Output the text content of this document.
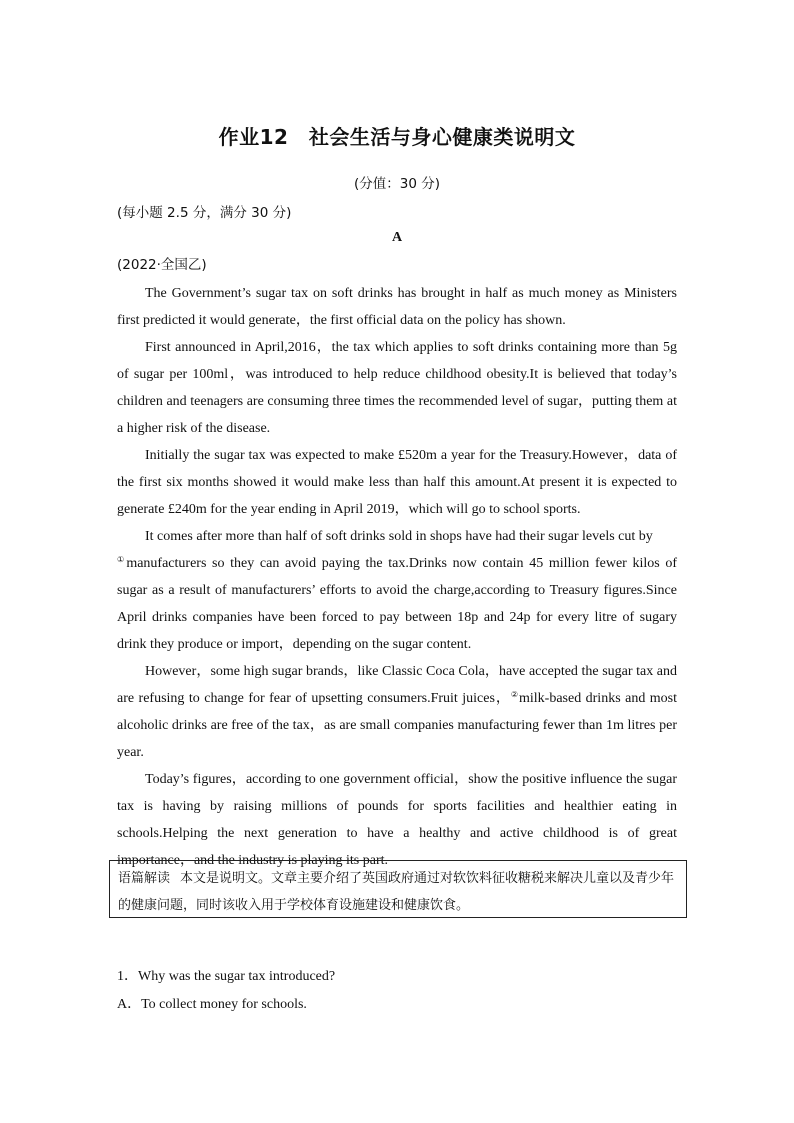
作业12　社会生活与身心健康类说明文
(分值：30 分)
(每小题 2.5 分，满分 30 分)
A
(2022·全国乙)

The Government’s sugar tax on soft drinks has brought in half as much money as Ministers first predicted it would generate，the first official data on the policy has shown.

First announced in April,2016，the tax which applies to soft drinks containing more than 5g of sugar per 100ml，was introduced to help reduce childhood obesity.It is believed that today’s children and teenagers are consuming three times the recommended level of sugar，putting them at a higher risk of the disease.

Initially the sugar tax was expected to make £520m a year for the Treasury.However，data of the first six months showed it would make less than half this amount.At present it is expected to generate £240m for the year ending in April 2019，which will go to school sports.

It comes after more than half of soft drinks sold in shops have had their sugar levels cut by
①manufacturers so they can avoid paying the tax.Drinks now contain 45 million fewer kilos of sugar as a result of manufacturers’ efforts to avoid the charge,according to Treasury figures.Since April drinks companies have been forced to pay between 18p and 24p for every litre of sugary drink they produce or import，depending on the sugar content.

However，some high sugar brands，like Classic Coca Cola，have accepted the sugar tax and are refusing to change for fear of upsetting consumers.Fruit juices，②milk-based drinks and most alcoholic drinks are free of the tax，as are small companies manufacturing fewer than 1m litres per year.

Today’s figures，according to one government official，show the positive influence the sugar tax is having by raising millions of pounds for sports facilities and healthier eating in schools.Helping the next generation to have a healthy and active childhood is of great importance，and the industry is playing its part.

语篇解读 本文是说明文。文章主要介绍了英国政府通过对软饮料征收糖税来解决儿童以及青少年的健康问题，同时该收入用于学校体育设施建设和健康饮食。
1．Why was the sugar tax introduced?
A．To collect money for schools.
